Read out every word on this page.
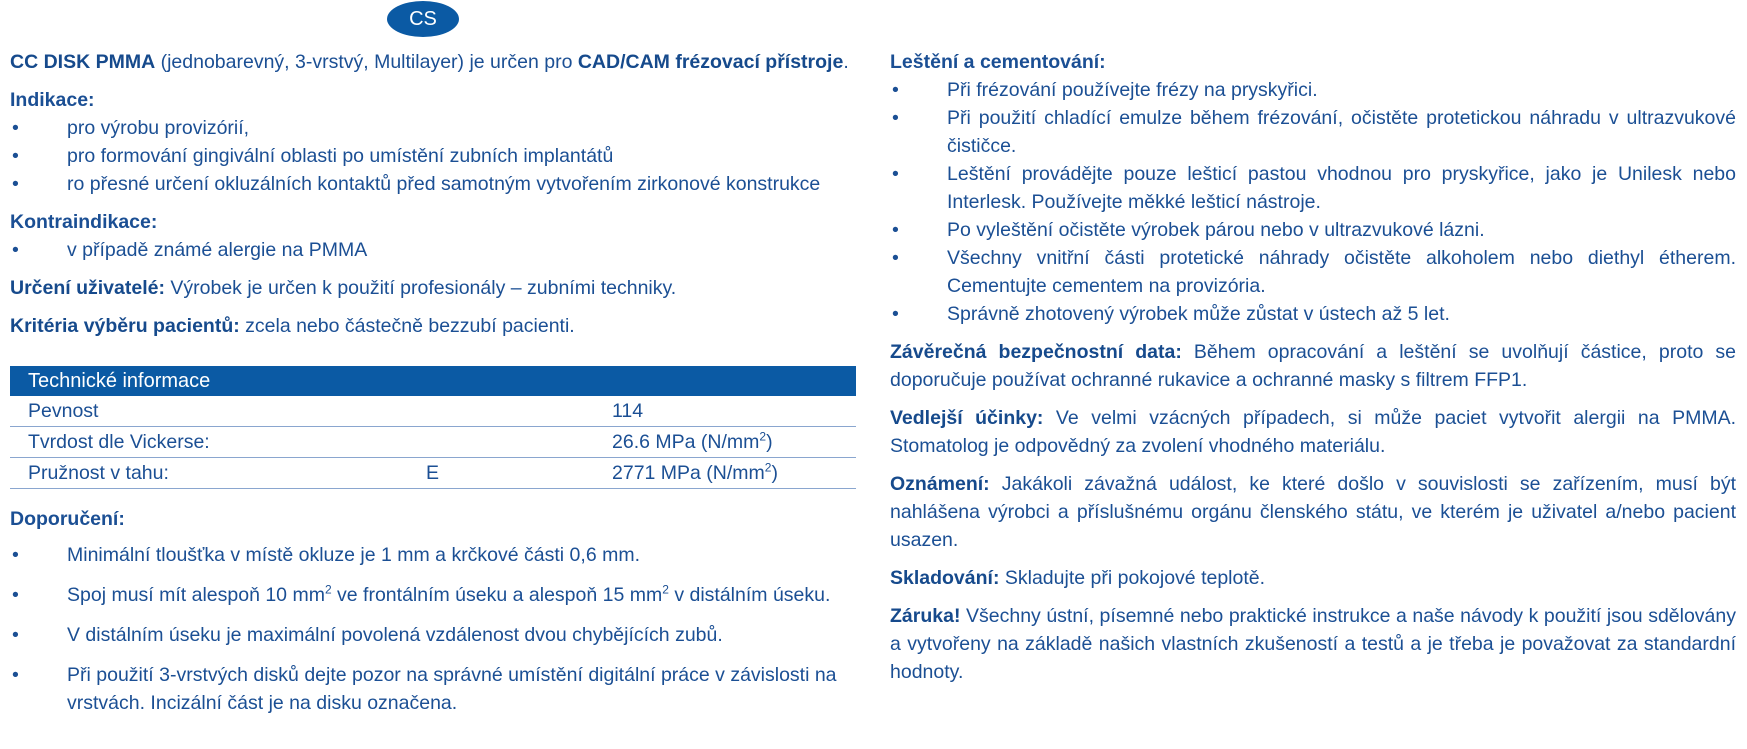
CS

CC DISK PMMA (jednobarevný, 3-vrstvý, Multilayer) je určen pro CAD/CAM frézovací přístroje.

Indikace:

• pro výrobu provizórií,
• pro formování gingivální oblasti po umístění zubních implantátů
• ro přesné určení okluzálních kontaktů před samotným vytvořením zirkonové konstrukce

Kontraindikace:

• v případě známé alergie na PMMA

Určení uživatelé: Výrobek je určen k použití profesionály – zubními techniky.

Kritéria výběru pacientů: zcela nebo částečně bezzubí pacienti.

Technické informace		
Pevnost		114
Tvrdost dle Vickerse:		26.6 MPa $(N/mm^2)$
Pružnost v tahu:	E	2771 MPa $(N/mm^2)$

Doporučení:

• Minimální tloušťka v místě okluze je 1 mm a krčkové části 0,6 mm.
• Spoj musí mít alespoň 10 $mm^2$ ve frontálním úseku a alespoň 15 $mm^2$ v distálním úseku.
• V distálním úseku je maximální povolená vzdálenost dvou chybějících zubů.
• Při použití 3-vrstvých disků dejte pozor na správné umístění digitální práce v závislosti na vrstvách. Incizální část je na disku označena.

Leštění a cementování:

• Při frézování používejte frézy na pryskyřici.
• Při použití chladící emulze během frézování, očistěte protetickou náhradu v ultrazvukové čističce.
• Leštění provádějte pouze lešticí pastou vhodnou pro pryskyřice, jako je Unilesk nebo Interlesk. Používejte měkké lešticí nástroje.
• Po vyleštění očistěte výrobek párou nebo v ultrazvukové lázni.
• Všechny vnitřní části protetické náhrady očistěte alkoholem nebo diethyl étherem. Cementujte cementem na provizória.
• Správně zhotovený výrobek může zůstat v ústech až 5 let.

Závěrečná bezpečnostní data: Během opracování a leštění se uvolňují částice, proto se doporučuje používat ochranné rukavice a ochranné masky s filtrem FFP1.

Vedlejší účinky: Ve velmi vzácných případech, si může paciet vytvořit alergii na PMMA. Stomatolog je odpovědný za zvolení vhodného materiálu.

Oznámení: Jakákoli závažná událost, ke které došlo v souvislosti se zařízením, musí být nahlášena výrobci a příslušnému orgánu členského státu, ve kterém je uživatel a/nebo pacient usazen.

Skladování: Skladujte při pokojové teplotě.

Záruka! Všechny ústní, písemné nebo praktické instrukce a naše návody k použití jsou sdělovány a vytvořeny na základě našich vlastních zkušeností a testů a je třeba je považovat za standardní hodnoty.
